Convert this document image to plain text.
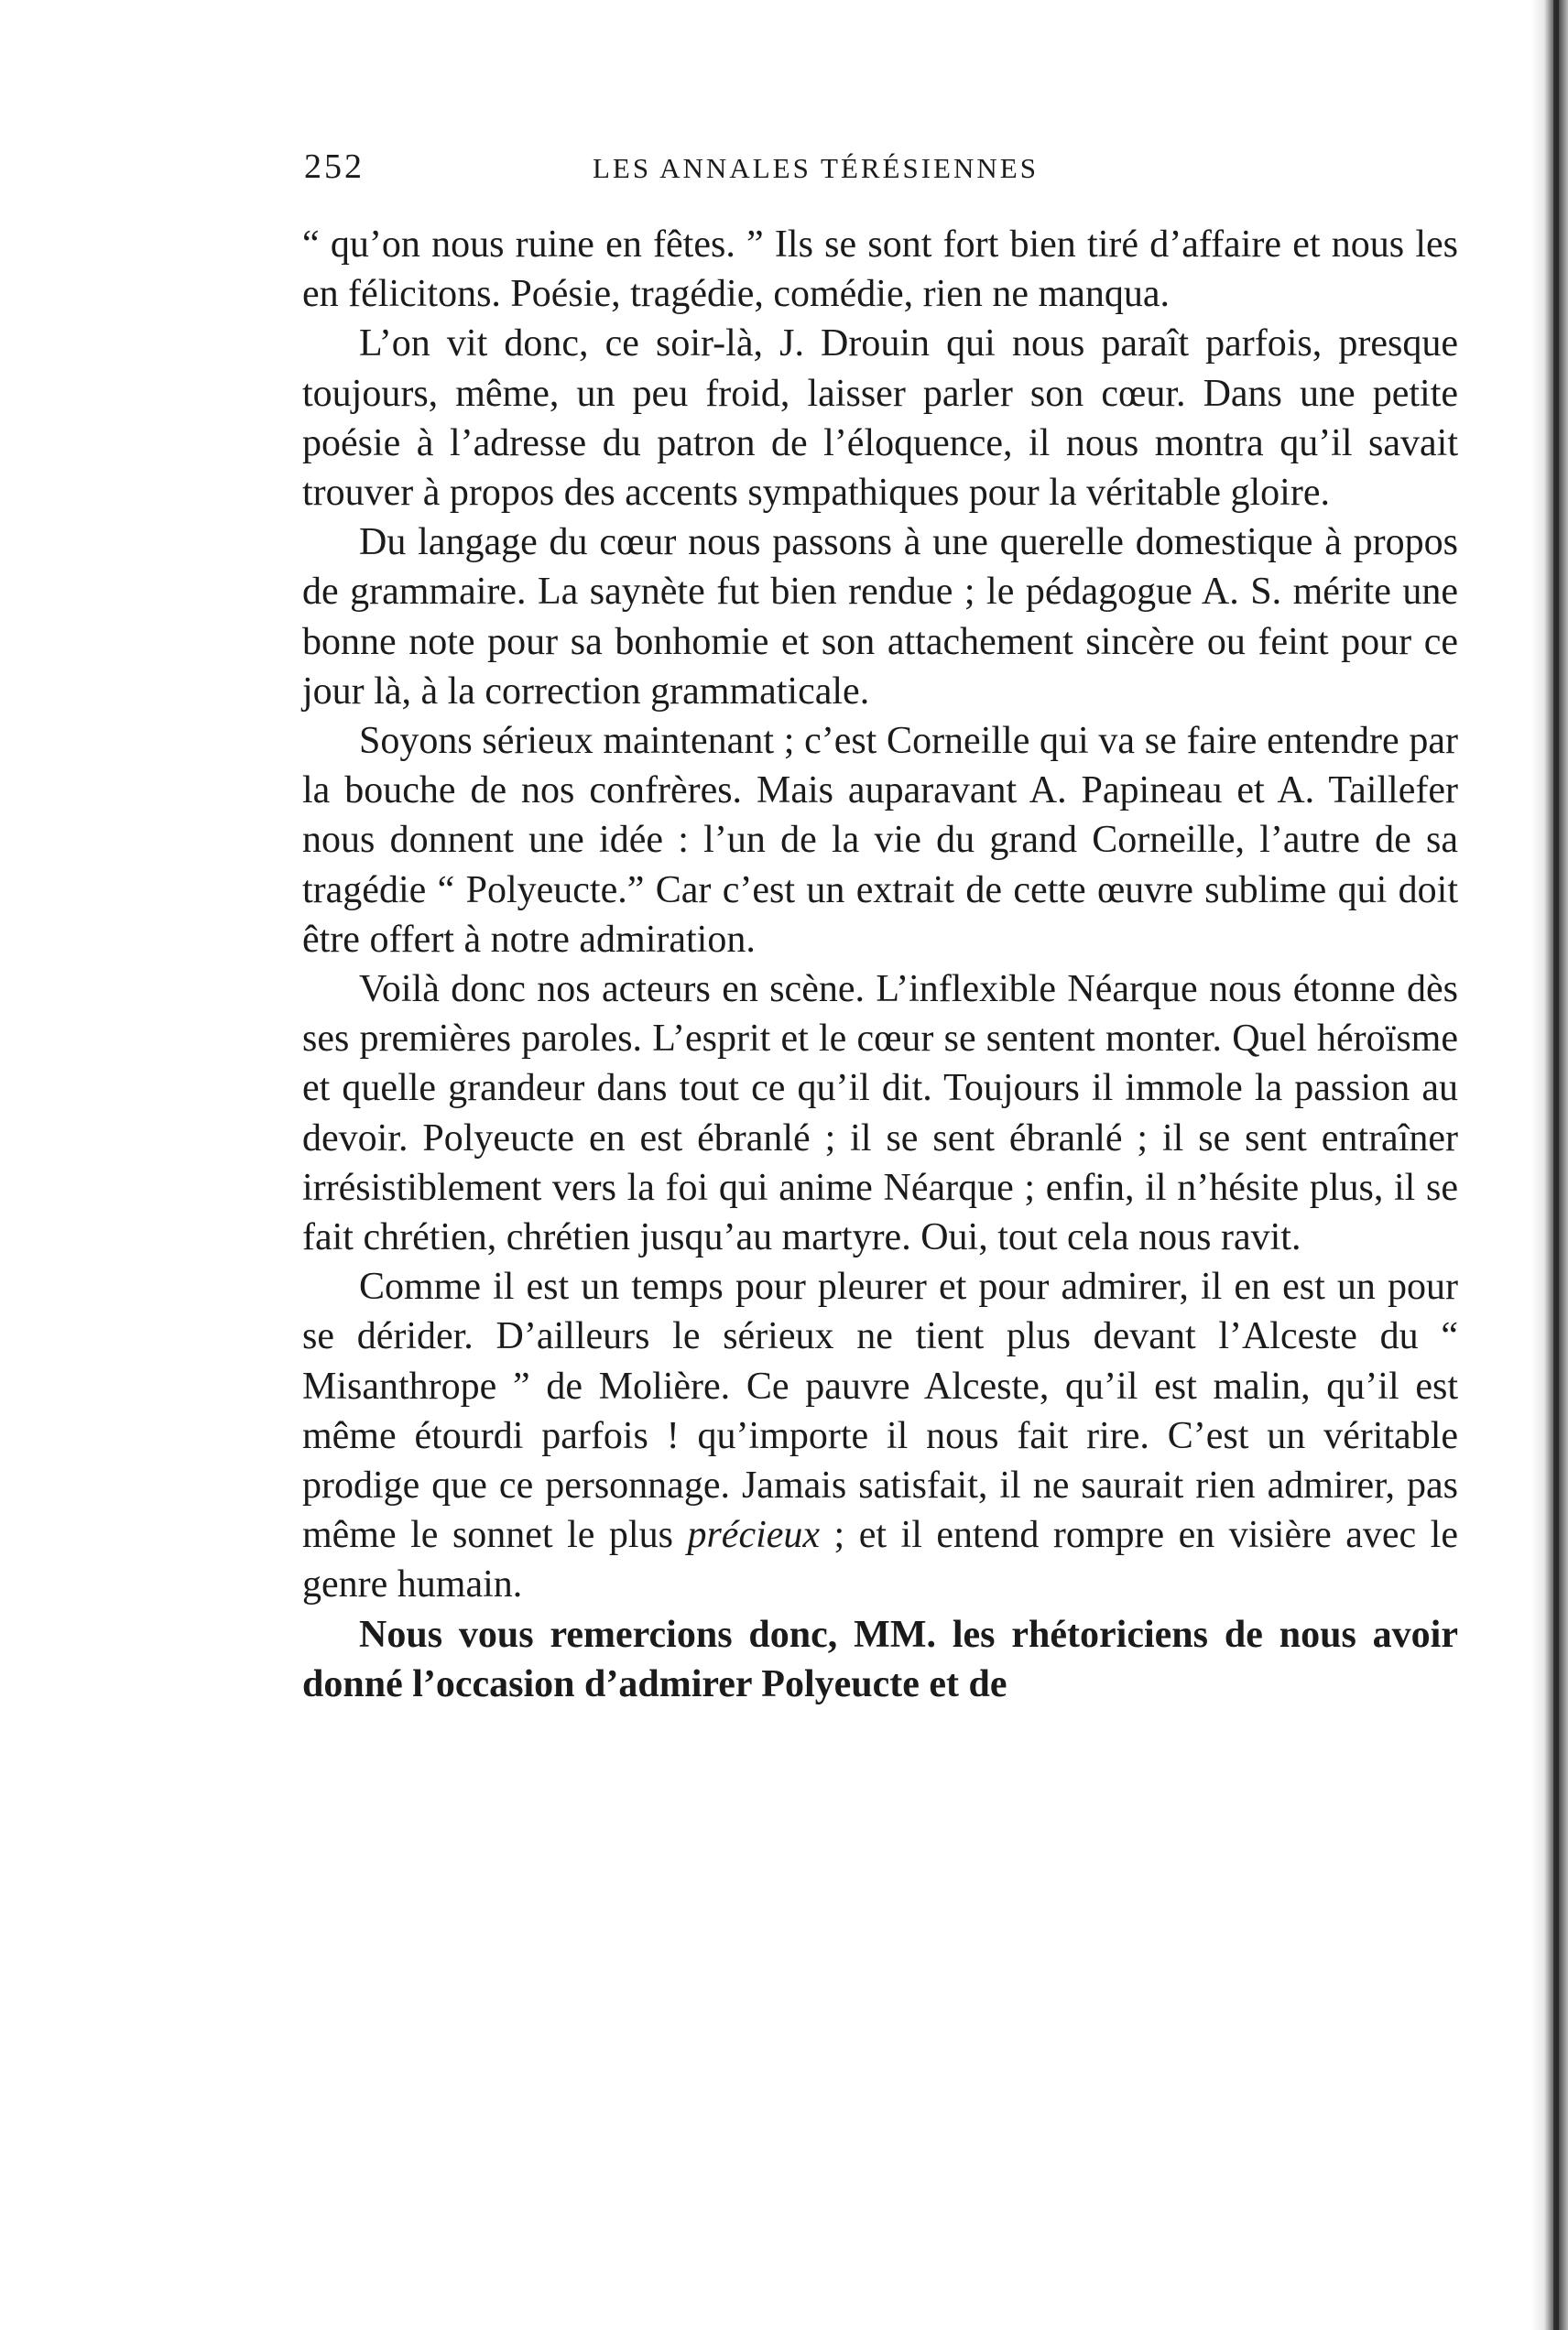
252	LES ANNALES TÉRÉSIENNES

“ qu’on nous ruine en fêtes. ” Ils se sont fort bien tiré d’affaire et nous les en félicitons. Poésie, tragédie, comédie, rien ne manqua.

L’on vit donc, ce soir-là, J. Drouin qui nous paraît parfois, presque toujours, même, un peu froid, laisser parler son cœur. Dans une petite poésie à l’adresse du patron de l’éloquence, il nous montra qu’il savait trouver à propos des accents sympathiques pour la véritable gloire.

Du langage du cœur nous passons à une querelle domestique à propos de grammaire. La saynète fut bien rendue ; le pédagogue A. S. mérite une bonne note pour sa bonhomie et son attachement sincère ou feint pour ce jour là, à la correction grammaticale.

Soyons sérieux maintenant ; c’est Corneille qui va se faire entendre par la bouche de nos confrères. Mais auparavant A. Papineau et A. Taillefer nous donnent une idée : l’un de la vie du grand Corneille, l’autre de sa tragédie “ Polyeucte.” Car c’est un extrait de cette œuvre sublime qui doit être offert à notre admiration.

Voilà donc nos acteurs en scène. L’inflexible Néarque nous étonne dès ses premières paroles. L’esprit et le cœur se sentent monter. Quel héroïsme et quelle grandeur dans tout ce qu’il dit. Toujours il immole la passion au devoir. Polyeucte en est ébranlé ; il se sent ébranlé ; il se sent entraîner irrésistiblement vers la foi qui anime Néarque ; enfin, il n’hésite plus, il se fait chrétien, chrétien jusqu’au martyre. Oui, tout cela nous ravit.

Comme il est un temps pour pleurer et pour admirer, il en est un pour se dérider. D’ailleurs le sérieux ne tient plus devant l’Alceste du “ Misanthrope ” de Molière. Ce pauvre Alceste, qu’il est malin, qu’il est même étourdi parfois ! qu’importe il nous fait rire. C’est un véritable prodige que ce personnage. Jamais satisfait, il ne saurait rien admirer, pas même le sonnet le plus précieux ; et il entend rompre en visière avec le genre humain.

Nous vous remercions donc, MM. les rhétoriciens de nous avoir donné l’occasion d’admirer Polyeucte et de
